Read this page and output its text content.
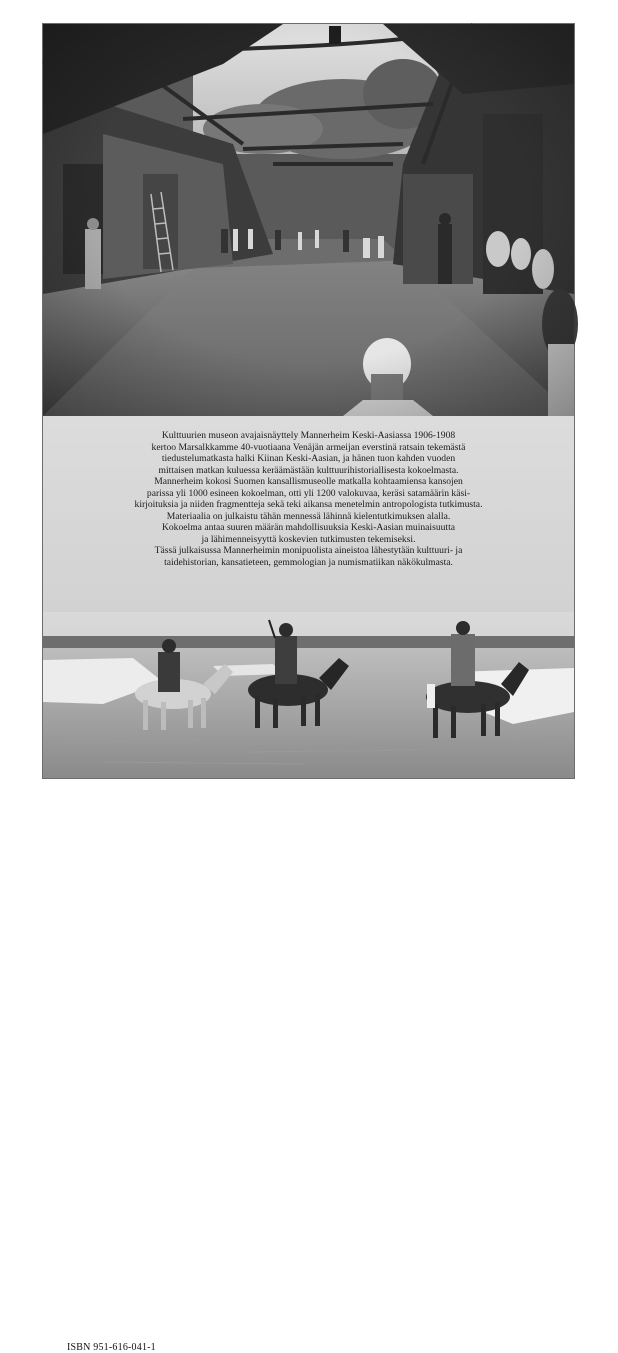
Kulttuurien museon avajaisnäyttely Mannerheim Keski-Aasiassa 1906-1908
kertoo Marsalkkamme 40-vuotiaana Venäjän armeijan everstinä ratsain tekemästä
tiedustelumatkasta halki Kiinan Keski-Aasian, ja hänen tuon kahden vuoden
mittaisen matkan kuluessa keräämästään kulttuurihistoriallisesta kokoelmasta.
Mannerheim kokosi Suomen kansallismuseolle matkalla kohtaamiensa kansojen
parissa yli 1000 esineen kokoelman, otti yli 1200 valokuvaa, keräsi satamäärin käsi-
kirjoituksia ja niiden fragmentteja sekä teki aikansa menetelmin antropologista tutkimusta.
Materiaalia on julkaistu tähän mennessä lähinnä kielentutkimuksen alalla.
Kokoelma antaa suuren määrän mahdollisuuksia Keski-Aasian muinaisuutta
ja lähimenneisyyttä koskevien tutkimusten tekemiseksi.
Tässä julkaisussa Mannerheimin monipuolista aineistoa lähestytään kulttuuri- ja
taidehistorian, kansatieteen, gemmologian ja numismatiikan näkökulmasta.

ISBN 951-616-041-1
